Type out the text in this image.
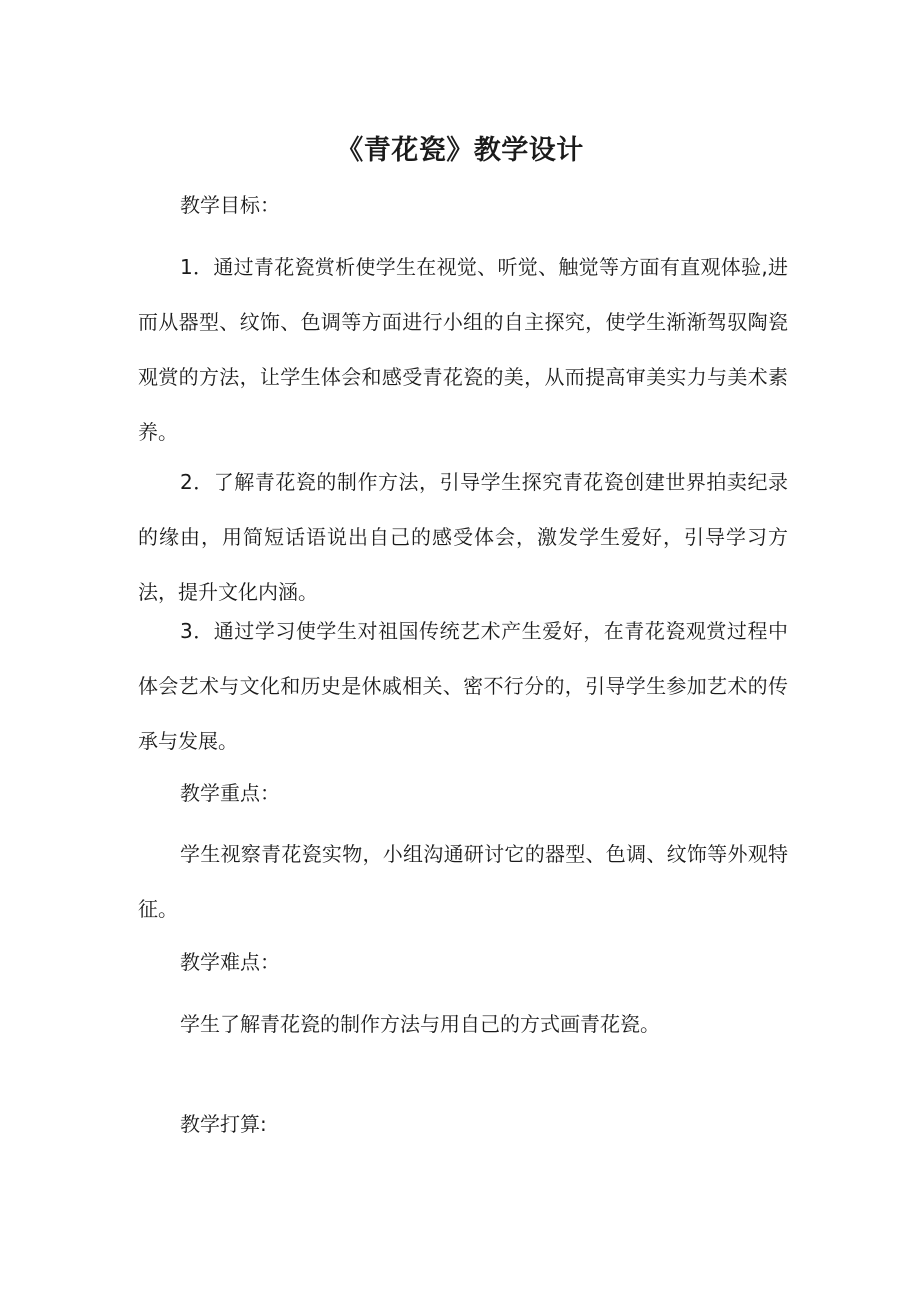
《青花瓷》教学设计

教学目标：

1．通过青花瓷赏析使学生在视觉、听觉、触觉等方面有直观体验,进而从器型、纹饰、色调等方面进行小组的自主探究，使学生渐渐驾驭陶瓷观赏的方法，让学生体会和感受青花瓷的美，从而提高审美实力与美术素养。

2．了解青花瓷的制作方法，引导学生探究青花瓷创建世界拍卖纪录的缘由，用简短话语说出自己的感受体会，激发学生爱好，引导学习方法，提升文化内涵。

3．通过学习使学生对祖国传统艺术产生爱好，在青花瓷观赏过程中体会艺术与文化和历史是休戚相关、密不行分的，引导学生参加艺术的传承与发展。

教学重点：

学生视察青花瓷实物，小组沟通研讨它的器型、色调、纹饰等外观特征。

教学难点：

学生了解青花瓷的制作方法与用自己的方式画青花瓷。

教学打算:
